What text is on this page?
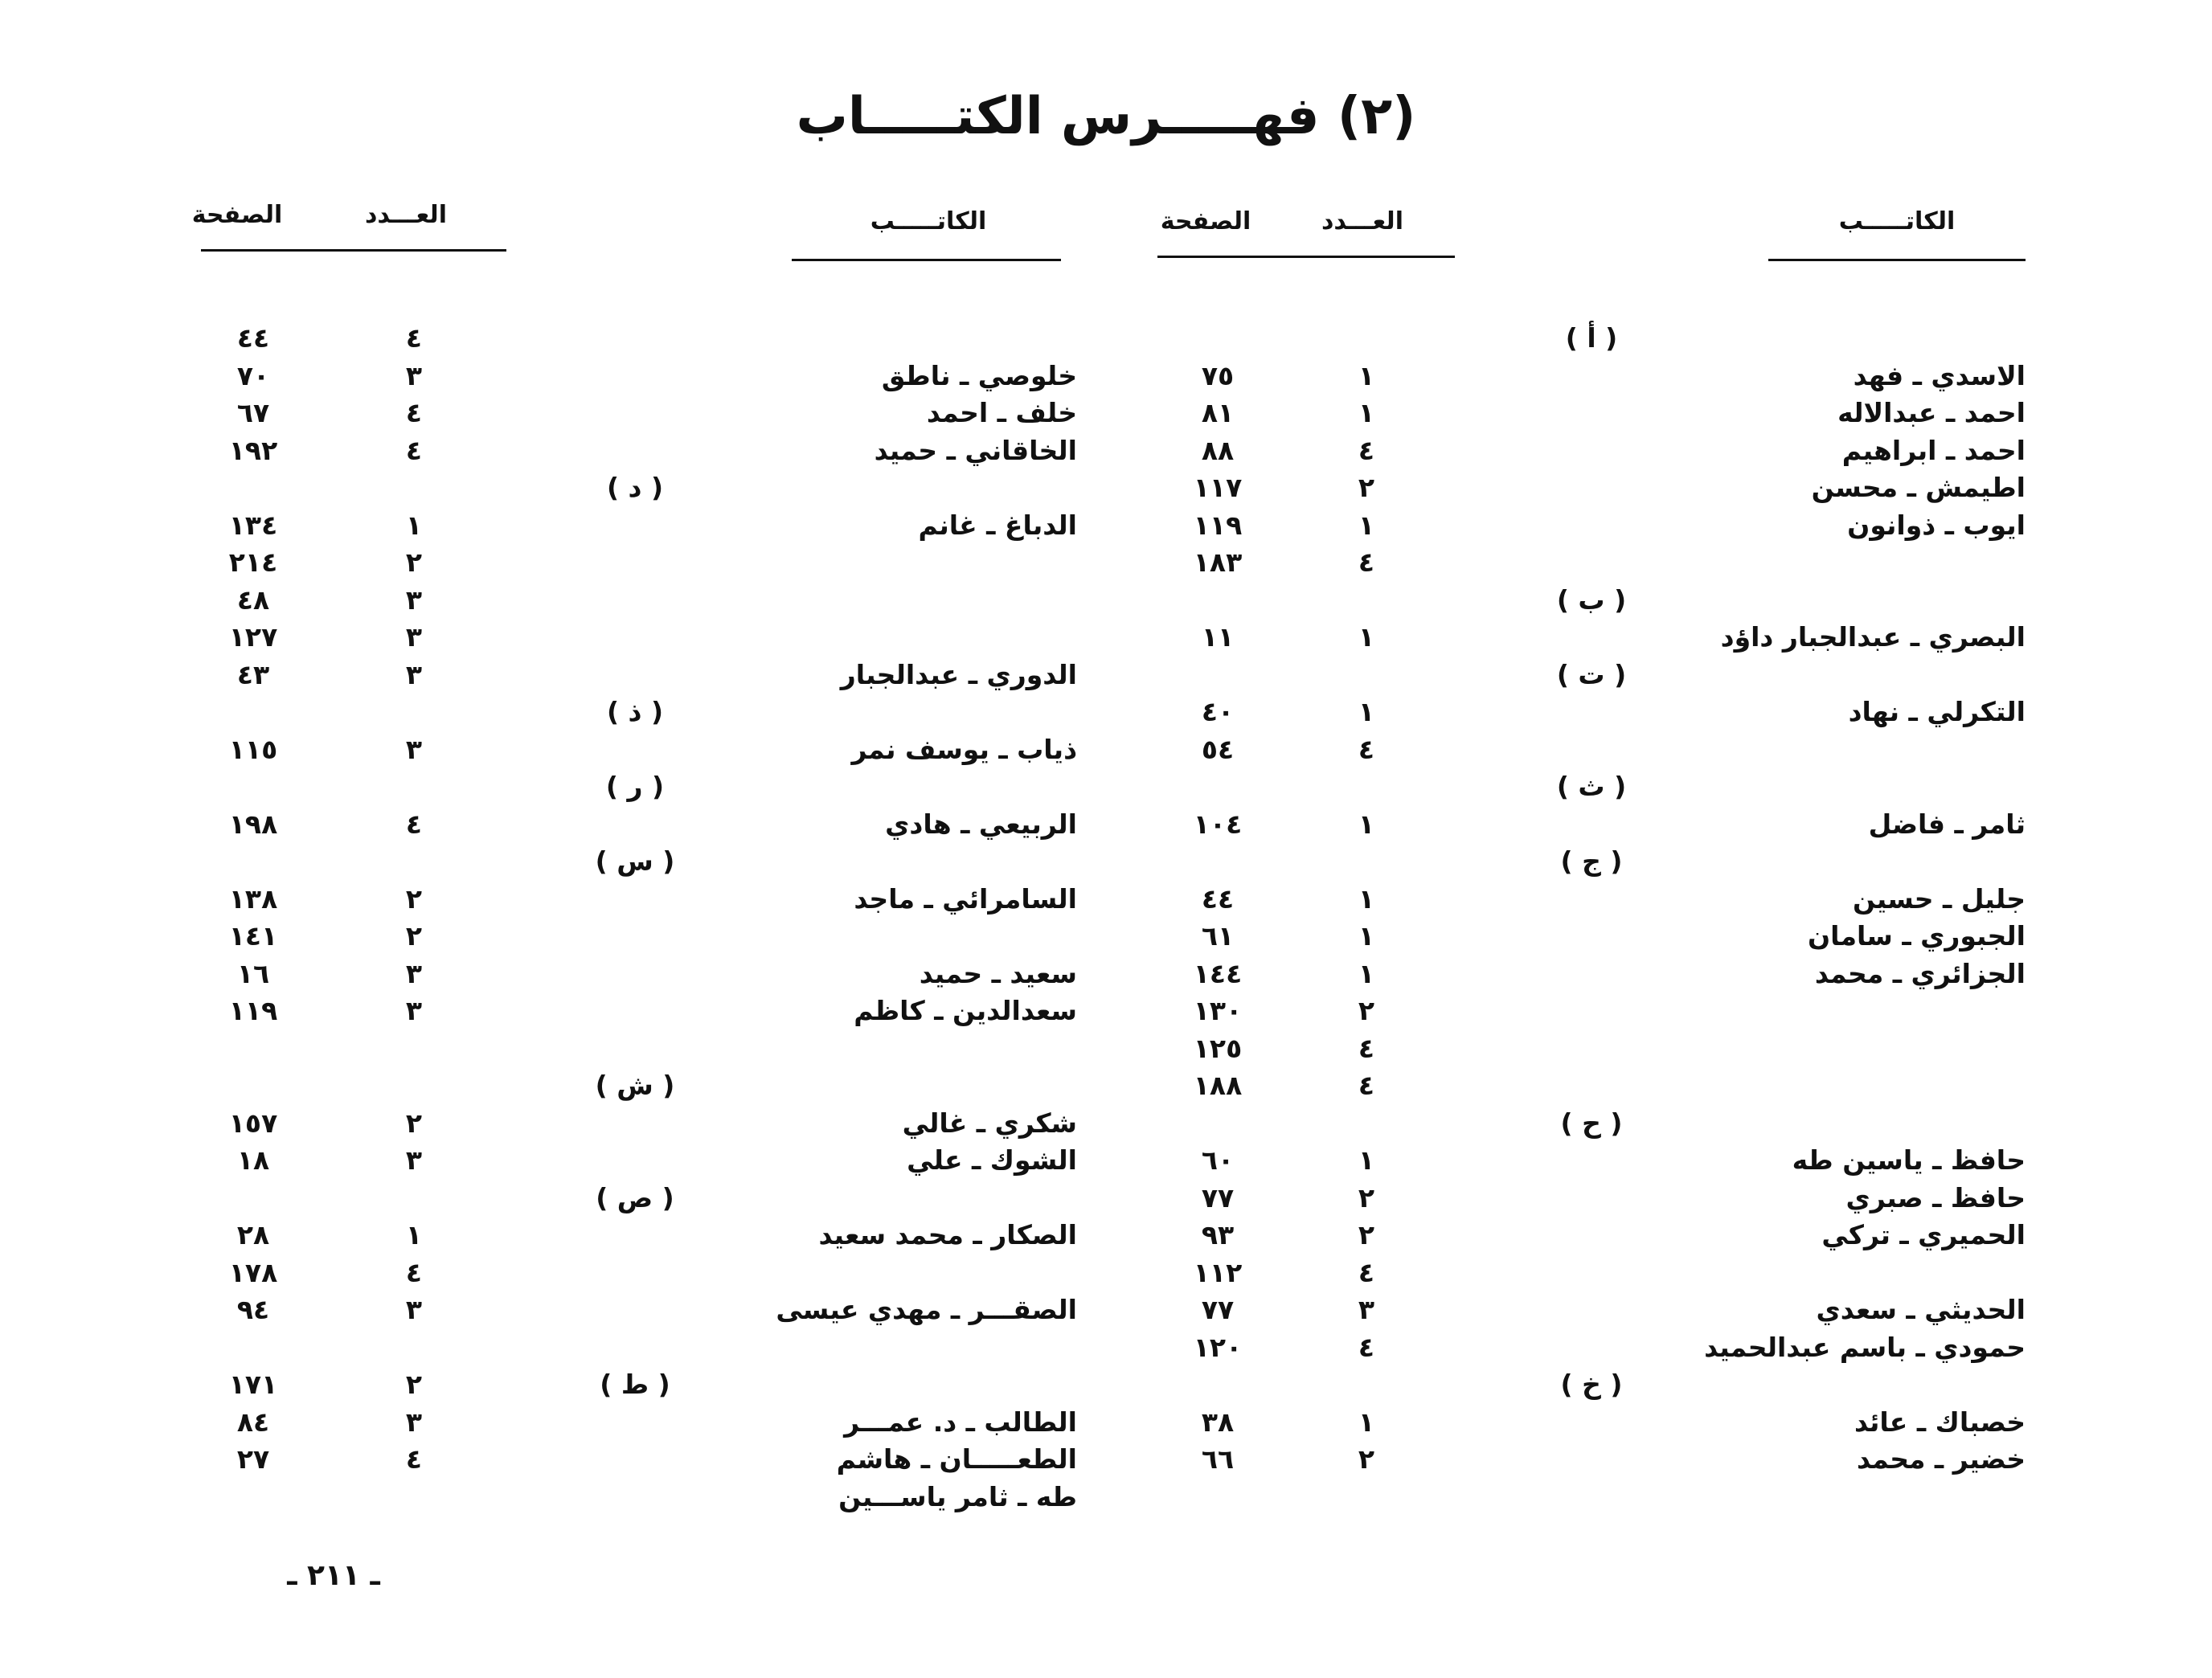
(٢) فهـــــرس الكتـــــاب
الكاتـــــب
العـــدد
الصفحة
الكاتـــــب
العـــدد
الصفحة
( أ )
الاسدي ـ فهد
احمد ـ عبدالاله
احمد ـ ابراهيم
اطيمش ـ محسن
ايوب ـ ذوانون
( ب )
البصري ـ عبدالجبار داؤد
( ت )
التكرلي ـ نهاد
( ث )
ثامر ـ فاضل
( ج )
جليل ـ حسين
الجبوري ـ سامان
الجزائري ـ محمد
( ح )
حافظ ـ ياسين طه
حافظ ـ صبري
الحميري ـ تركي
الحديثي ـ سعدي
حمودي ـ باسم عبدالحميد
( خ )
خصباك ـ عائد
خضير ـ محمد
١
٧٥
١
٨١
٤
٨٨
٢
١١٧
١
١١٩
٤
١٨٣
١
١١
١
٤٠
٤
٥٤
١
١٠٤
١
٤٤
١
٦١
١
١٤٤
٢
١٣٠
٤
١٢٥
٤
١٨٨
١
٦٠
٢
٧٧
٢
٩٣
٤
١١٢
٣
٧٧
٤
١٢٠
١
٣٨
٢
٦٦
خلوصي ـ ناطق
خلف ـ احمد
الخاقاني ـ حميد
( د )
الدباغ ـ غانم
الدوري ـ عبدالجبار
( ذ )
ذياب ـ يوسف نمر
( ر )
الربيعي ـ هادي
( س )
السامرائي ـ ماجد
سعيد ـ حميد
سعدالدين ـ كاظم
( ش )
شكري ـ غالي
الشوك ـ علي
( ص )
الصكار ـ محمد سعيد
الصقـــر ـ مهدي عيسى
( ط )
الطالب ـ د. عمـــر
الطعـــــان ـ هاشم
طه ـ ثامر ياســـين
٤
٤٤
٣
٧٠
٤
٦٧
٤
١٩٢
١
١٣٤
٢
٢١٤
٣
٤٨
٣
١٢٧
٣
٤٣
٣
١١٥
٤
١٩٨
٢
١٣٨
٢
١٤١
٣
١٦
٣
١١٩
٢
١٥٧
٣
١٨
١
٢٨
٤
١٧٨
٣
٩٤
٢
١٧١
٣
٨٤
٤
٢٧
ـ ٢١١ ـ
